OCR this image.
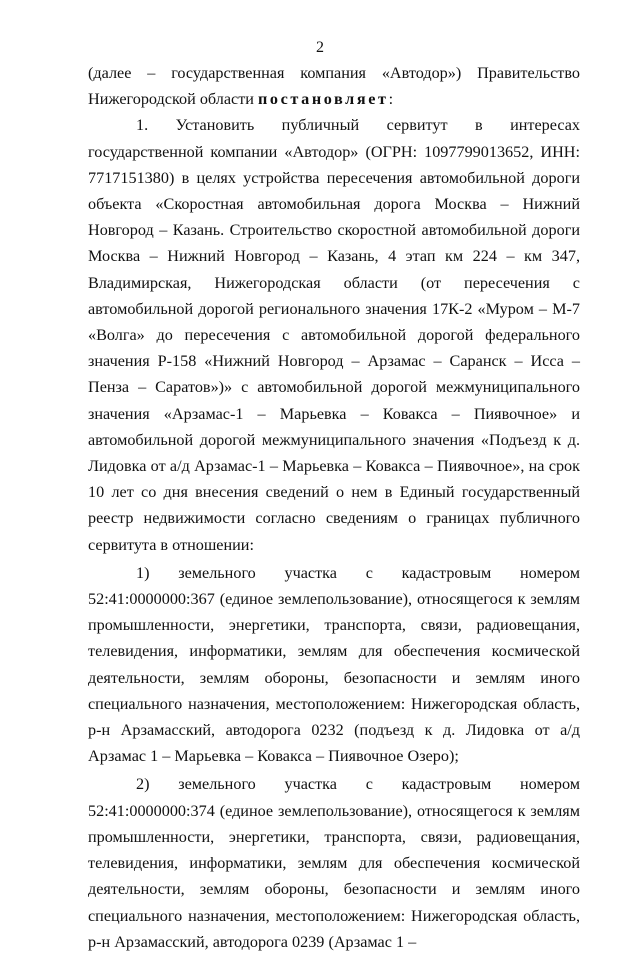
2

(далее – государственная компания «Автодор») Правительство Нижегородской области постановляет:

1. Установить публичный сервитут в интересах государственной компании «Автодор» (ОГРН: 1097799013652, ИНН: 7717151380) в целях устройства пересечения автомобильной дороги объекта «Скоростная автомобильная дорога Москва – Нижний Новгород – Казань. Строительство скоростной автомобильной дороги Москва – Нижний Новгород – Казань, 4 этап км 224 – км 347, Владимирская, Нижегородская области (от пересечения с автомобильной дорогой регионального значения 17К-2 «Муром – М-7 «Волга» до пересечения с автомобильной дорогой федерального значения Р-158 «Нижний Новгород – Арзамас – Саранск – Исса – Пенза – Саратов»)» с автомобильной дорогой межмуниципального значения «Арзамас-1 – Марьевка – Ковакса – Пиявочное» и автомобильной дорогой межмуниципального значения «Подъезд к д. Лидовка от а/д Арзамас-1 – Марьевка – Ковакса – Пиявочное», на срок 10 лет со дня внесения сведений о нем в Единый государственный реестр недвижимости согласно сведениям о границах публичного сервитута в отношении:

1) земельного участка с кадастровым номером 52:41:0000000:367 (единое землепользование), относящегося к землям промышленности, энергетики, транспорта, связи, радиовещания, телевидения, информатики, землям для обеспечения космической деятельности, землям обороны, безопасности и землям иного специального назначения, местоположением: Нижегородская область, р-н Арзамасский, автодорога 0232 (подъезд к д. Лидовка от а/д Арзамас 1 – Марьевка – Ковакса – Пиявочное Озеро);

2) земельного участка с кадастровым номером 52:41:0000000:374 (единое землепользование), относящегося к землям промышленности, энергетики, транспорта, связи, радиовещания, телевидения, информатики, землям для обеспечения космической деятельности, землям обороны, безопасности и землям иного специального назначения, местоположением: Нижегородская область, р-н Арзамасский, автодорога 0239 (Арзамас 1 –
